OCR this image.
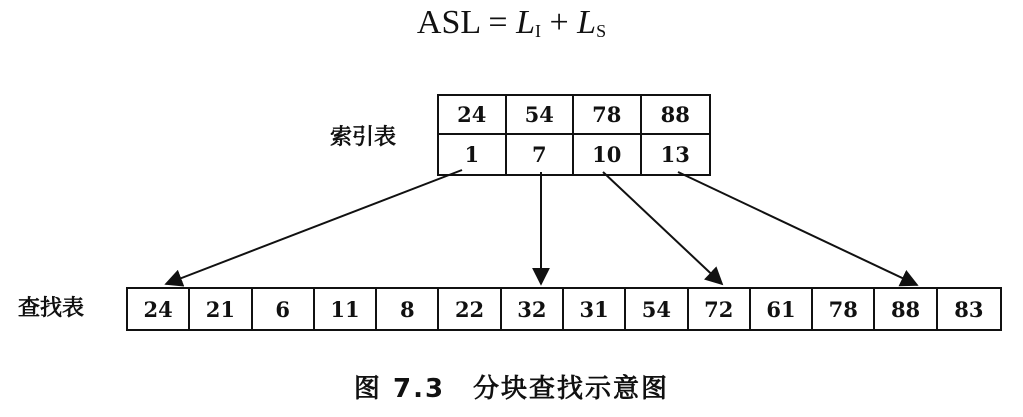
ASL = $L_I + L_S$
索引表
24	54	78	88
1	7	10	13
查找表	24	21	6	11	8	22	32	31	54	72	61	78	88	83
图 7.3 分块查找示意图
